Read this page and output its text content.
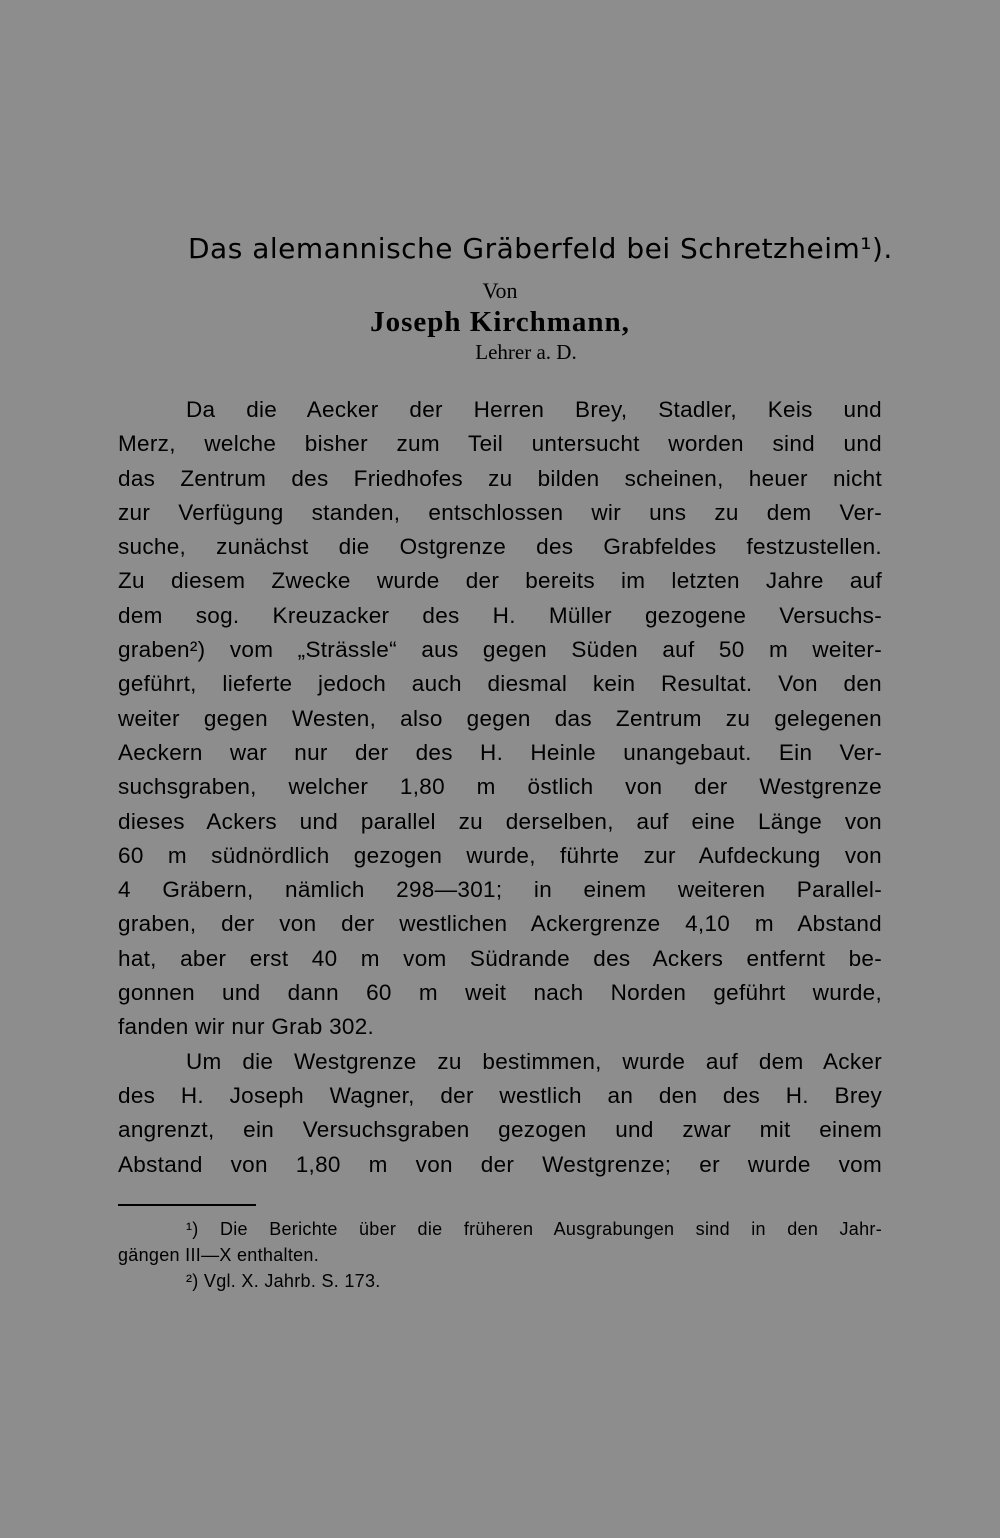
Das alemannische Gräberfeld bei Schretzheim¹).
Von
Joseph Kirchmann,
Lehrer a. D.
Da die Aecker der Herren Brey, Stadler, Keis und
Merz, welche bisher zum Teil untersucht worden sind und
das Zentrum des Friedhofes zu bilden scheinen, heuer nicht
zur Verfügung standen, entschlossen wir uns zu dem Ver-
suche, zunächst die Ostgrenze des Grabfeldes festzustellen.
Zu diesem Zwecke wurde der bereits im letzten Jahre auf
dem sog. Kreuzacker des H. Müller gezogene Versuchs-
graben²) vom „Strässle“ aus gegen Süden auf 50 m weiter-
geführt, lieferte jedoch auch diesmal kein Resultat. Von den
weiter gegen Westen, also gegen das Zentrum zu gelegenen
Aeckern war nur der des H. Heinle unangebaut. Ein Ver-
suchsgraben, welcher 1,80 m östlich von der Westgrenze
dieses Ackers und parallel zu derselben, auf eine Länge von
60 m südnördlich gezogen wurde, führte zur Aufdeckung von
4 Gräbern, nämlich 298—301; in einem weiteren Parallel-
graben, der von der westlichen Ackergrenze 4,10 m Abstand
hat, aber erst 40 m vom Südrande des Ackers entfernt be-
gonnen und dann 60 m weit nach Norden geführt wurde,
fanden wir nur Grab 302.
Um die Westgrenze zu bestimmen, wurde auf dem Acker
des H. Joseph Wagner, der westlich an den des H. Brey
angrenzt, ein Versuchsgraben gezogen und zwar mit einem
Abstand von 1,80 m von der Westgrenze; er wurde vom
¹) Die Berichte über die früheren Ausgrabungen sind in den Jahr-
gängen III—X enthalten.
²) Vgl. X. Jahrb. S. 173.
